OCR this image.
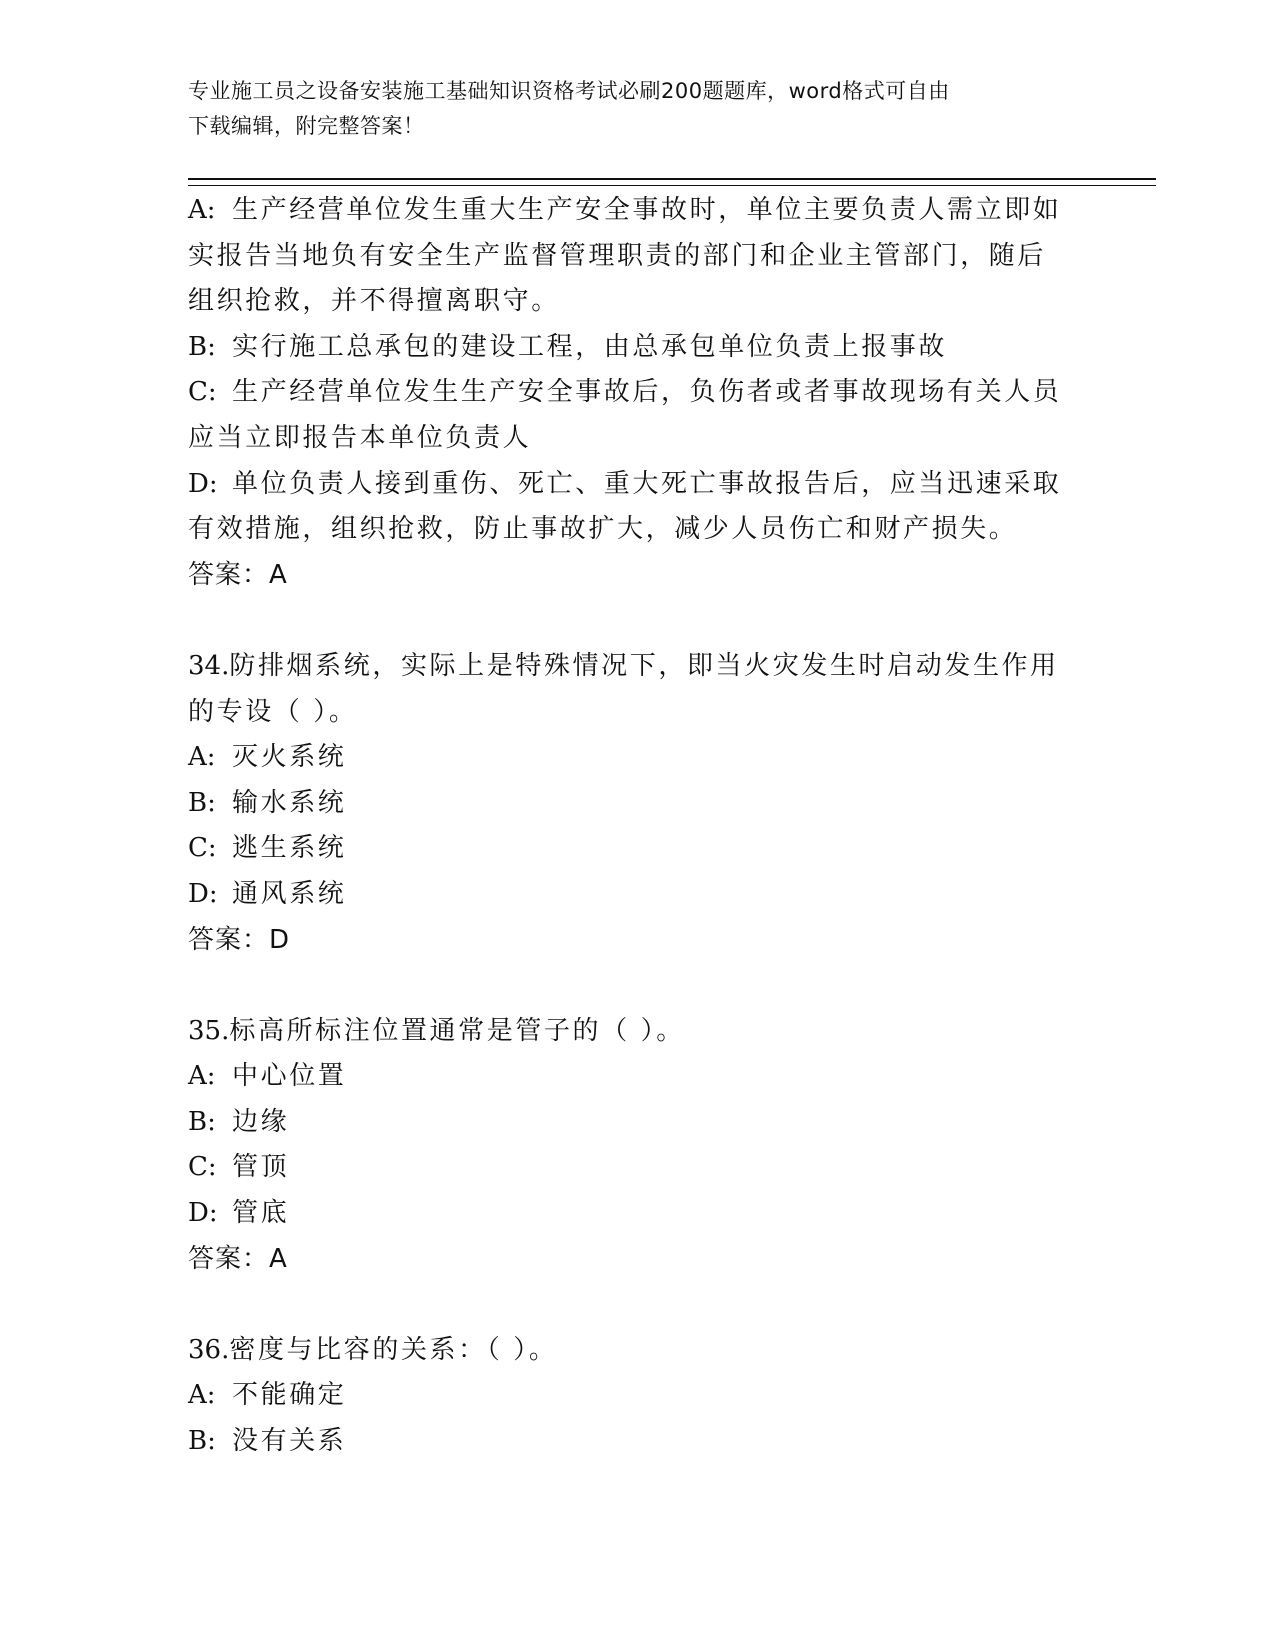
专业施工员之设备安装施工基础知识资格考试必刷200题题库，word格式可自由
下载编辑，附完整答案！
A: 生产经营单位发生重大生产安全事故时，单位主要负责人需立即如
实报告当地负有安全生产监督管理职责的部门和企业主管部门，随后
组织抢救，并不得擅离职守。
B: 实行施工总承包的建设工程，由总承包单位负责上报事故
C: 生产经营单位发生生产安全事故后，负伤者或者事故现场有关人员
应当立即报告本单位负责人
D: 单位负责人接到重伤、死亡、重大死亡事故报告后，应当迅速采取
有效措施，组织抢救，防止事故扩大，减少人员伤亡和财产损失。
答案：A
34.防排烟系统，实际上是特殊情况下，即当火灾发生时启动发生作用
的专设（ ）。
A: 灭火系统
B: 输水系统
C: 逃生系统
D: 通风系统
答案：D
35.标高所标注位置通常是管子的（ ）。
A: 中心位置
B: 边缘
C: 管顶
D: 管底
答案：A
36.密度与比容的关系：（ ）。
A: 不能确定
B: 没有关系
